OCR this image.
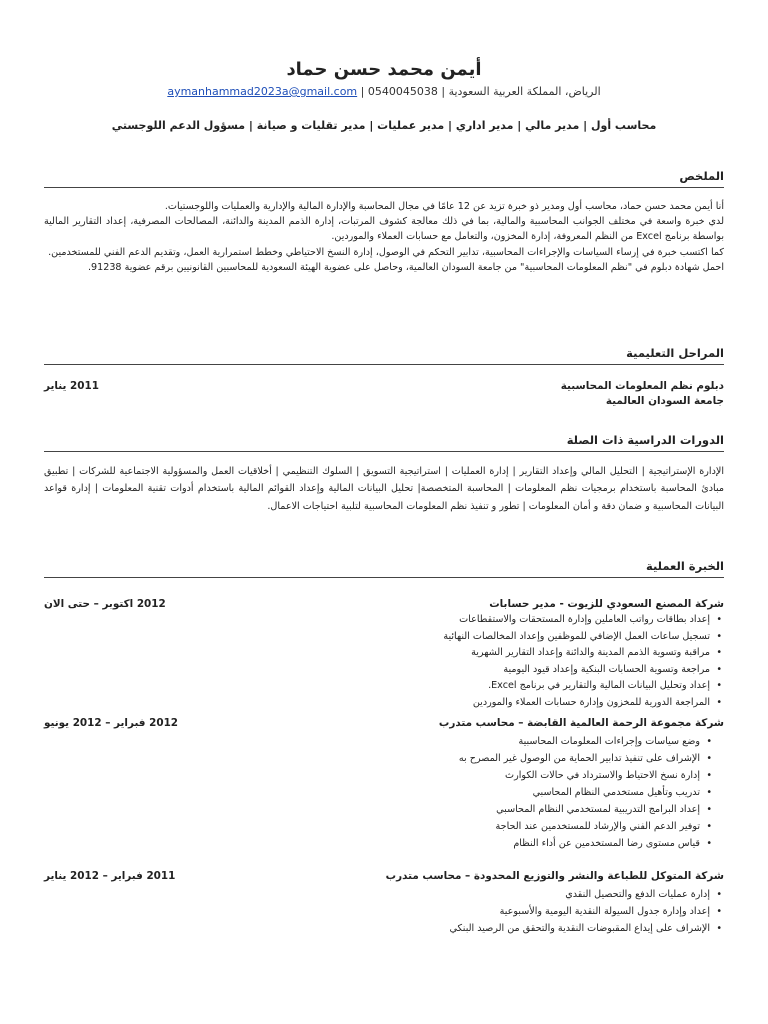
أيمن محمد حسن حماد
الرياض، المملكة العربية السعودية | 0540045038 | aymanhammad2023a@gmail.com
محاسب أول | مدير مالي | مدير اداري | مدير عمليات | مدير تقليات و صيانة | مسؤول الدعم اللوجستي
الملخص

أنا أيمن محمد حسن حماد، محاسب أول ومدير ذو خبرة تزيد عن 12 عامًا في مجال المحاسبة والإدارة المالية والإدارية والعمليات واللوجستيات.

لدي خبرة واسعة في مختلف الجوانب المحاسبية والمالية، بما في ذلك معالجة كشوف المرتبات، إدارة الذمم المدينة والدائنة، المصالحات المصرفية، إعداد التقارير المالية بواسطة برنامج Excel من النظم المعروفة، إدارة المخزون، والتعامل مع حسابات العملاء والموردين.

كما اكتسب خبرة في إرساء السياسات والإجراءات المحاسبية، تدابير التحكم في الوصول، إدارة النسخ الاحتياطي وخطط استمرارية العمل، وتقديم الدعم الفني للمستخدمين.

احمل شهادة دبلوم في "نظم المعلومات المحاسبية" من جامعة السودان العالمية، وحاصل على عضوية الهيئة السعودية للمحاسبين القانونيين برقم عضوية 91238.

المراحل التعليمية
دبلوم نظم المعلومات المحاسبية
جامعة السودان العالمية
2011 يناير
الدورات الدراسية ذات الصلة

الإدارة الإستراتيجية | التحليل المالي وإعداد التقارير | إدارة العمليات | استراتيجية التسويق | السلوك التنظيمي | أخلاقيات العمل والمسؤولية الاجتماعية للشركات | تطبيق مبادئ المحاسبة باستخدام برمجيات نظم المعلومات | المحاسبة المتخصصة| تحليل البيانات المالية وإعداد القوائم المالية باستخدام أدوات تقنية المعلومات | إدارة قواعد البيانات المحاسبية و ضمان دقة و أمان المعلومات | تطور و تنفيذ نظم المعلومات المحاسبية لتلبية احتياجات الاعمال.

الخبرة العملية
شركة المصنع السعودي للزيوت - مدير حسابات
2012 اكتوبر – حتى الان
• إعداد بطاقات رواتب العاملين وإدارة المستحقات والاستقطاعات
• تسجيل ساعات العمل الإضافي للموظفين وإعداد المخالصات النهائية
• مراقبة وتسوية الذمم المدينة والدائنة وإعداد التقارير الشهرية
• مراجعة وتسوية الحسابات البنكية وإعداد قيود اليومية
• إعداد وتحليل البيانات المالية والتقارير في برنامج Excel.
• المراجعة الدورية للمخزون وإدارة حسابات العملاء والموردين
شركة مجموعة الرحمة العالمية القابضة – محاسب متدرب
2012 فبراير – 2012 يونيو
• وضع سياسات وإجراءات المعلومات المحاسبية
• الإشراف على تنفيذ تدابير الحماية من الوصول غير المصرح به
• إدارة نسخ الاحتياط والاسترداد في حالات الكوارث
• تدريب وتأهيل مستخدمي النظام المحاسبي
• إعداد البرامج التدريبية لمستخدمي النظام المحاسبي
• توفير الدعم الفني والإرشاد للمستخدمين عند الحاجة
• قياس مستوى رضا المستخدمين عن أداء النظام
شركة المتوكل للطباعة والنشر والتوزيع المحدودة – محاسب متدرب
2011 فبراير – 2012 يناير
• إدارة عمليات الدفع والتحصيل النقدي
• إعداد وإدارة جدول السيولة النقدية اليومية والأسبوعية
• الإشراف على إيداع المقبوضات النقدية والتحقق من الرصيد البنكي
